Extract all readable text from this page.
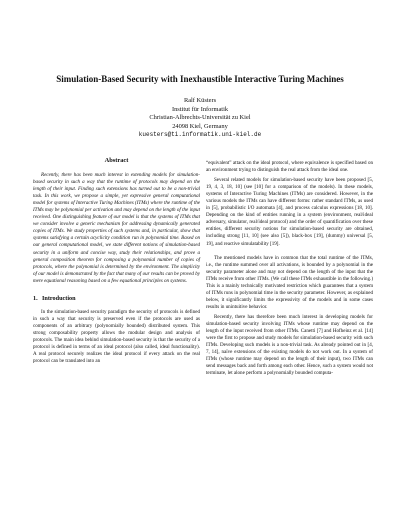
Simulation-Based Security with Inexhaustible Interactive Turing Machines
Ralf Küsters
Institut für Informatik
Christian-Albrechts-Universität zu Kiel
24098 Kiel, Germany
kuesters@ti.informatik.uni-kiel.de
Abstract

Recently, there has been much interest in extending models for simulation-based security in such a way that the runtime of protocols may depend on the length of their input. Finding such extensions has turned out to be a non-trivial task. In this work, we propose a simple, yet expressive general computational model for systems of Interactive Turing Machines (ITMs) where the runtime of the ITMs may be polynomial per activation and may depend on the length of the input received. One distinguishing feature of our model is that the systems of ITMs that we consider involve a generic mechanism for addressing dynamically generated copies of ITMs. We study properties of such systems and, in particular, show that systems satisfying a certain acyclicity condition run in polynomial time. Based on our general computational model, we state different notions of simulation-based security in a uniform and concise way, study their relationships, and prove a general composition theorem for composing a polynomial number of copies of protocols, where the polynomial is determined by the environment. The simplicity of our model is demonstrated by the fact that many of our results can be proved by mere equational reasoning based on a few equational principles on systems.

1. Introduction

In the simulation-based security paradigm the security of protocols is defined in such a way that security is preserved even if the protocols are used as components of an arbitrary (polynomially bounded) distributed system. This strong composability property allows the modular design and analysis of protocols. The main idea behind simulation-based security is that the security of a protocol is defined in terms of an ideal protocol (also called, ideal functionality). A real protocol securely realizes the ideal protocol if every attack on the real protocol can be translated into an

“equivalent” attack on the ideal protocol, where equivalence is specified based on an environment trying to distinguish the real attack from the ideal one.

Several related models for simulation-based security have been proposed [5, 19, 4, 3, 18, 10] (see [10] for a comparison of the models). In these models, systems of Interactive Turing Machines (ITMs) are considered. However, in the various models the ITMs can have different forms: rather standard ITMs, as used in [5], probabilistic I/O automata [4], and process calculus expressions [18, 10]. Depending on the kind of entities running in a system (environment, real/ideal adversary, simulator, real/ideal protocol) and the order of quantification over these entities, different security notions for simulation-based security are obtained, including strong [11, 10] (see also [5]), black-box [19], (dummy) universal [5, 19], and reactive simulatability [19].

The mentioned models have in common that the total runtime of the ITMs, i.e., the runtime summed over all activations, is bounded by a polynomial in the security parameter alone and may not depend on the length of the input that the ITMs receive from other ITMs. (We call these ITMs exhaustible in the following.) This is a mainly technically motivated restriction which guarantees that a system of ITMs runs in polynomial time in the security parameter. However, as explained below, it significantly limits the expressivity of the models and in some cases results in unintuitive behavior.

Recently, there has therefore been much interest in developing models for simulation-based security involving ITMs whose runtime may depend on the length of the input received from other ITMs. Canetti [7] and Hofheinz et al. [14] were the first to propose and study models for simulation-based security with such ITMs. Developing such models is a non-trivial task. As already pointed out in [4, 7, 14], naïve extensions of the existing models do not work out. In a system of ITMs (whose runtime may depend on the length of their input), two ITMs can send messages back and forth among each other. Hence, such a system would not terminate, let alone perform a polynomially bounded computa-
